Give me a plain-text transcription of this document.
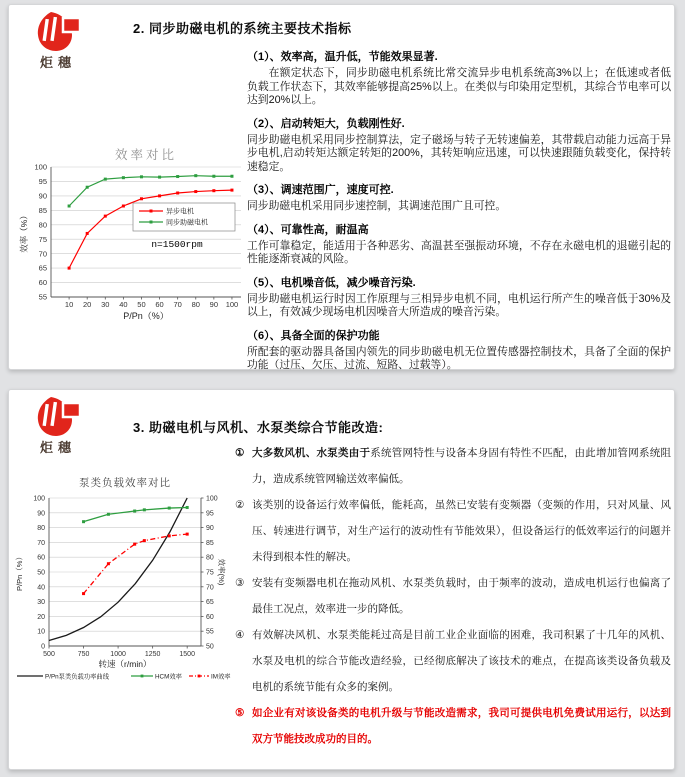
炬穗
2. 同步助磁电机的系统主要技术指标
效率对比
55
60
65
70
75
80
85
90
95
100
10 20 30 40 50 60 70 80 90 100
P/Pn（%）
效率（%）	异步电机
同步助磁电机
n=1500rpm
（1）、效率高，温升低，节能效果显著.
在额定状态下，同步助磁电机系统比常交流异步电机系统高3%以上；在低速或者低负载工作状态下，其效率能够提高25%以上。在类似与印染用定型机，其综合节电率可以达到20%以上。
（2）、启动转矩大，负载刚性好.
同步助磁电机采用同步控制算法，定子磁场与转子无转速偏差，其带载启动能力远高于异步电机,启动转矩达额定转矩的200%，其转矩响应迅速，可以快速跟随负载变化，保持转速稳定。
（3）、调速范围广，速度可控.
同步助磁电机采用同步速控制，其调速范围广且可控。
（4）、可靠性高，耐温高
工作可靠稳定，能适用于各种恶劣、高温甚至强振动环境，不存在永磁电机的退磁引起的性能逐渐衰减的风险。
（5）、电机噪音低，减少噪音污染.
同步助磁电机运行时因工作原理与三相异步电机不同，电机运行所产生的噪音低于30%及以上，有效减少现场电机因噪音大所造成的噪音污染。
（6）、具备全面的保护功能
所配套的驱动器具备国内领先的同步助磁电机无位置传感器控制技术，具备了全面的保护功能（过压、欠压、过流、短路、过载等）。
炬穗
3. 助磁电机与风机、水泵类综合节能改造:
泵类负载效率对比
0
10
20
30
40
50
60
70
80
90
100
50
55
60
65
70
75
80
85
90
95
100
500	750	1000	1250	1500
转速（r/min）
P/Pn（%）	效率(%)
P/Pn泵类负载功率曲线	HCM效率	IM效率
① 大多数风机、水泵类由于系统管网特性与设备本身固有特性不匹配，由此增加管网系统阻力，造成系统管网输送效率偏低。
② 该类别的设备运行效率偏低，能耗高，虽然已安装有变频器（变频的作用，只对风量、风压、转速进行调节，对生产运行的波动性有节能效果），但设备运行的低效率运行的问题并未得到根本性的解决。
③ 安装有变频器电机在拖动风机、水泵类负载时，由于频率的波动，造成电机运行也偏离了最佳工况点，效率进一步的降低。
④ 有效解决风机、水泵类能耗过高是目前工业企业面临的困难，我司积累了十几年的风机、水泵及电机的综合节能改造经验，已经彻底解决了该技术的难点，在提高该类设备负载及电机的系统节能有众多的案例。
⑤ 如企业有对该设备类的电机升级与节能改造需求，我司可提供电机免费试用运行，以达到双方节能技改成功的目的。
